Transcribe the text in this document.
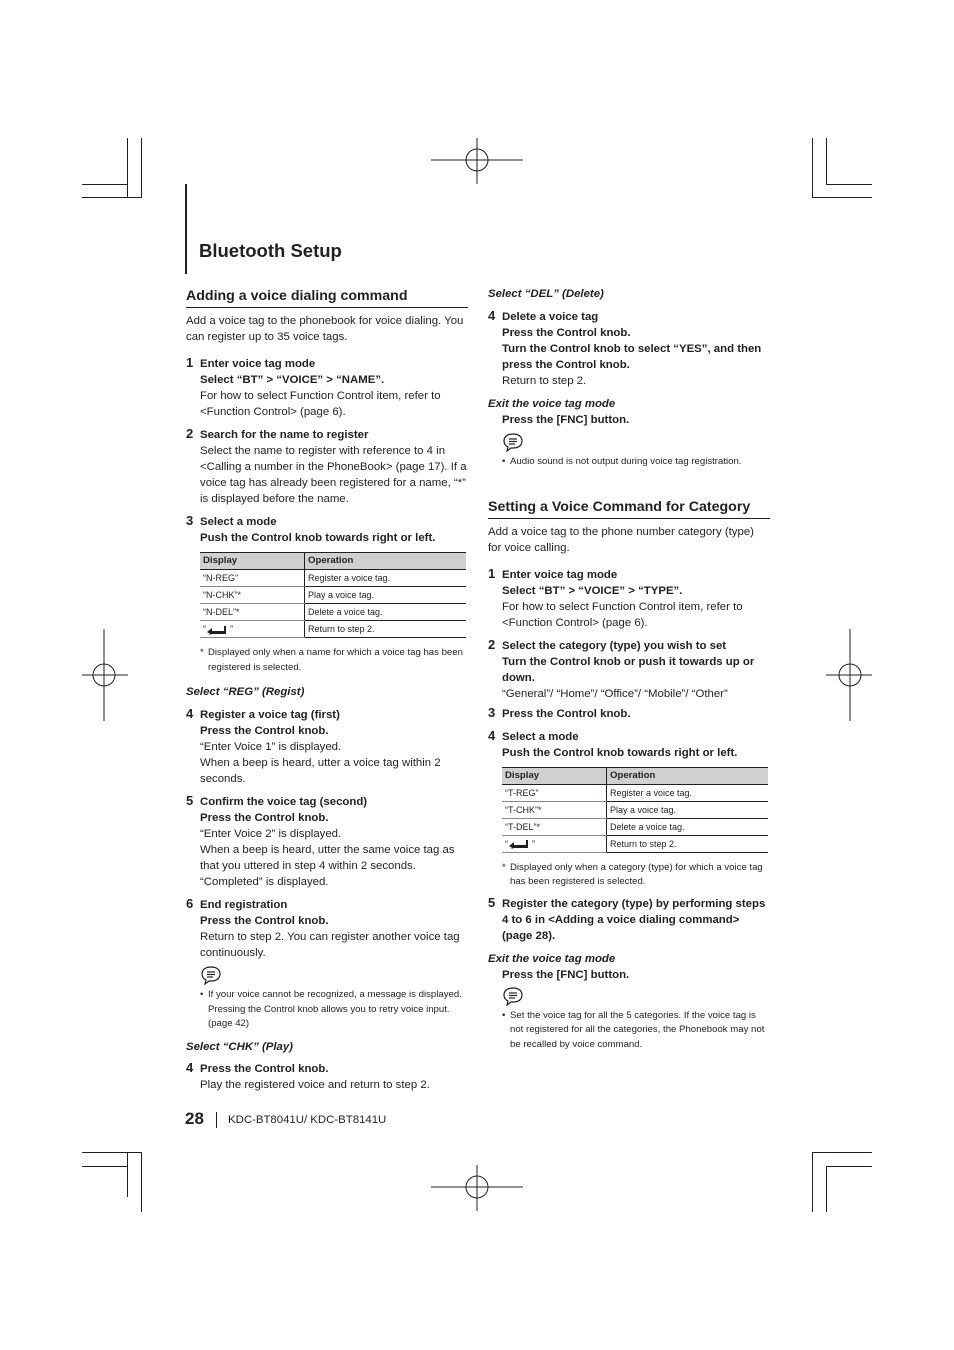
Bluetooth Setup
Adding a voice dialing command

Add a voice tag to the phonebook for voice dialing. You can register up to 35 voice tags.

1 Enter voice tag mode
Select “BT” > “VOICE” > “NAME”.
For how to select Function Control item, refer to <Function Control> (page 6).
2 Search for the name to register
Select the name to register with reference to 4 in <Calling a number in the PhoneBook> (page 17). If a voice tag has already been registered for a name, “*” is displayed before the name.
3 Select a mode
Push the Control knob towards right or left.
Display	Operation
“N-REG”	Register a voice tag.
“N-CHK”*	Play a voice tag.
“N-DEL”*	Delete a voice tag.
“ ”	Return to step 2.
* Displayed only when a name for which a voice tag has been registered is selected.
Select “REG” (Regist)
4 Register a voice tag (first)
Press the Control knob.
“Enter Voice 1” is displayed.
When a beep is heard, utter a voice tag within 2 seconds.
5 Confirm the voice tag (second)
Press the Control knob.
“Enter Voice 2” is displayed.
When a beep is heard, utter the same voice tag as that you uttered in step 4 within 2 seconds.
“Completed” is displayed.
6 End registration
Press the Control knob.
Return to step 2. You can register another voice tag continuously.
• If your voice cannot be recognized, a message is displayed. Pressing the Control knob allows you to retry voice input. (page 42)
Select “CHK” (Play)
4 Press the Control knob.
Play the registered voice and return to step 2.
Select “DEL” (Delete)
4 Delete a voice tag
Press the Control knob.
Turn the Control knob to select “YES”, and then press the Control knob.
Return to step 2.
Exit the voice tag mode
Press the [FNC] button.
• Audio sound is not output during voice tag registration.
Setting a Voice Command for Category

Add a voice tag to the phone number category (type) for voice calling.

1 Enter voice tag mode
Select “BT” > “VOICE” > “TYPE”.
For how to select Function Control item, refer to <Function Control> (page 6).
2 Select the category (type) you wish to set
Turn the Control knob or push it towards up or down.
“General”/ “Home”/ “Office”/ “Mobile”/ “Other”
3 Press the Control knob.
4 Select a mode
Push the Control knob towards right or left.
Display	Operation
“T-REG”	Register a voice tag.
“T-CHK”*	Play a voice tag.
“T-DEL”*	Delete a voice tag.
“ ”	Return to step 2.
* Displayed only when a category (type) for which a voice tag has been registered is selected.
5 Register the category (type) by performing steps 4 to 6 in <Adding a voice dialing command> (page 28).
Exit the voice tag mode
Press the [FNC] button.
• Set the voice tag for all the 5 categories. If the voice tag is not registered for all the categories, the Phonebook may not be recalled by voice command.
28 KDC-BT8041U/ KDC-BT8141U
